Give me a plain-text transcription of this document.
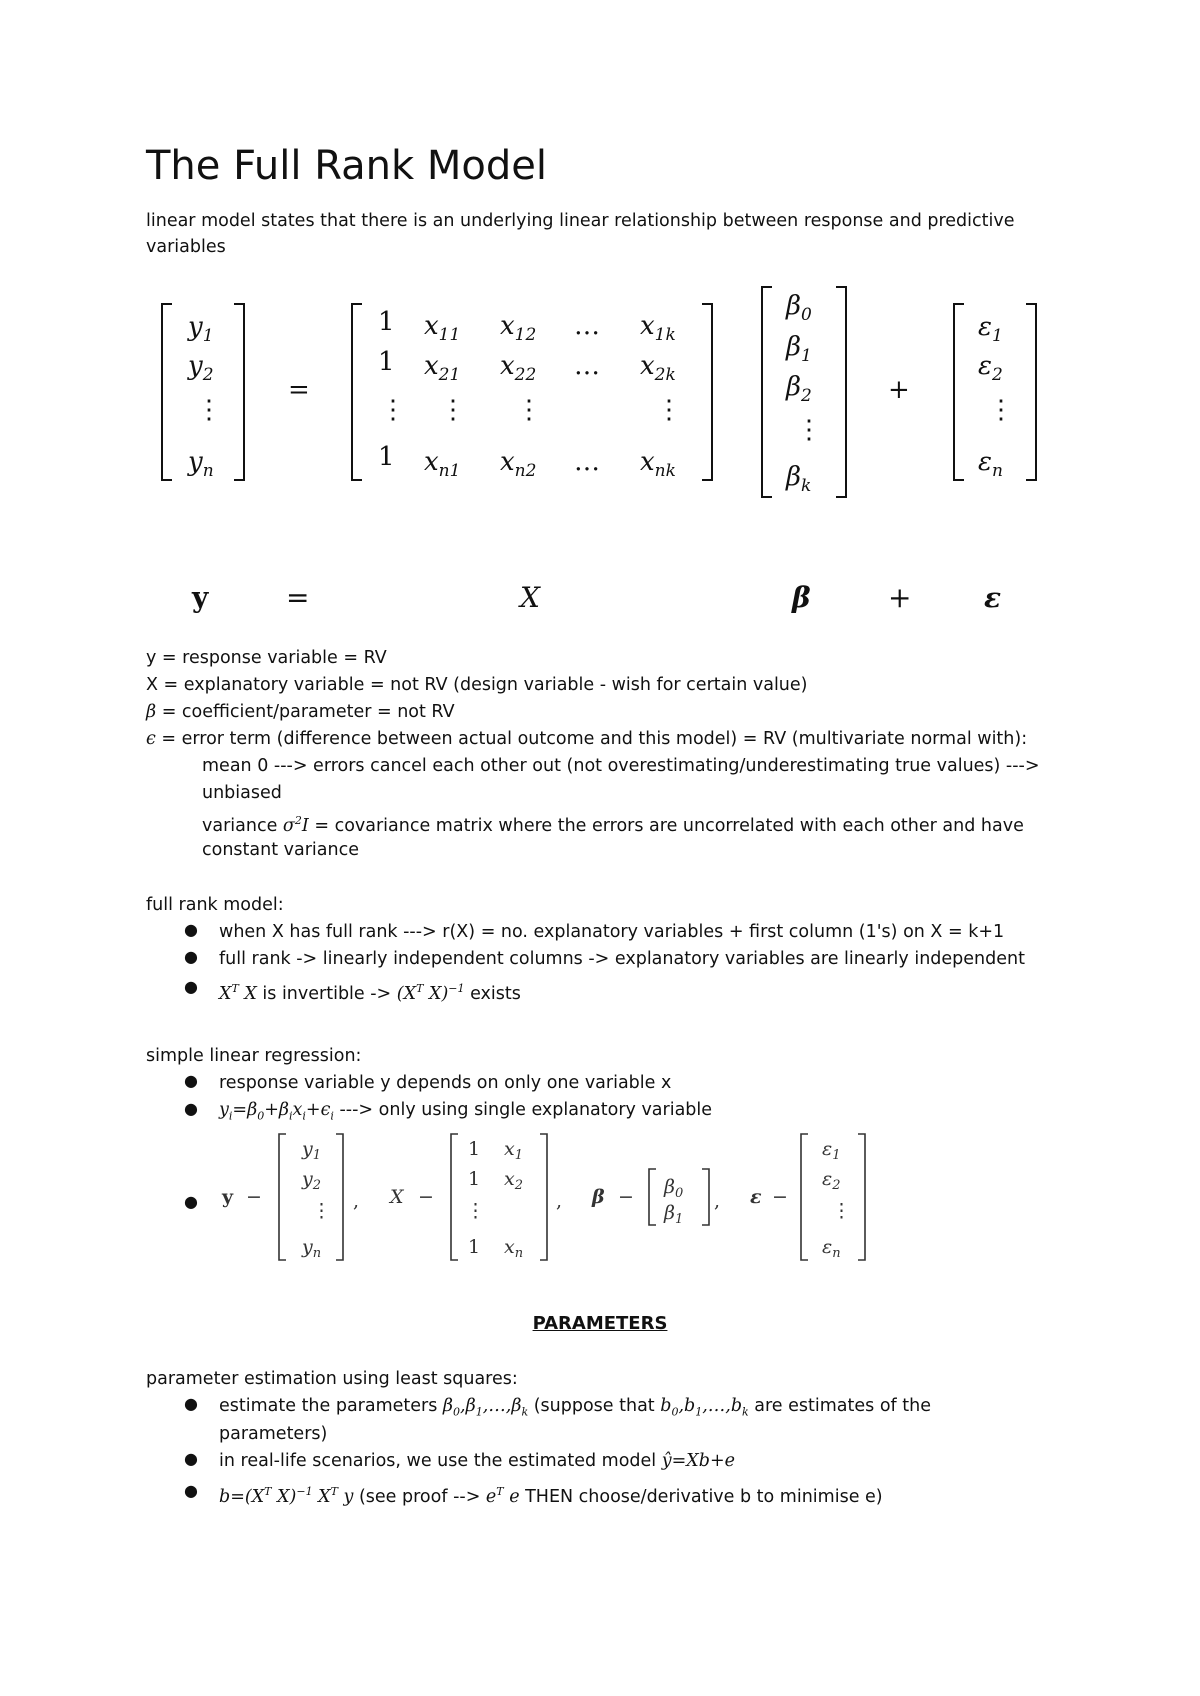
The Full Rank Model
linear model states that there is an underlying linear relationship between response and predictive
variables
$y_1$
$y_2$
⋮
$y_n$
=
1 $x_{11}$ $x_{12}$ … $x_{1k}$
1 $x_{21}$ $x_{22}$ … $x_{2k}$
⋮ ⋮ ⋮	⋮
1 $x_{n1}$ $x_{n2}$ … $x_{nk}$
$\beta_0$
$\beta_1$
$\beta_2$
⋮
$\beta_k$
+
$\varepsilon_1$
$\varepsilon_2$
⋮
$\varepsilon_n$
y	=	X	β	+	ε
y = response variable = RV
X = explanatory variable = not RV (design variable - wish for certain value)
β = coefficient/parameter = not RV
ϵ = error term (difference between actual outcome and this model) = RV (multivariate normal with):
mean 0 ---> errors cancel each other out (not overestimating/underestimating true values) --->
unbiased
variance $\sigma^2I$ = covariance matrix where the errors are uncorrelated with each other and have
constant variance
full rank model:
● when X has full rank ---> r(X) = no. explanatory variables + first column (1's) on X = k+1
● full rank -> linearly independent columns -> explanatory variables are linearly independent
● $X^T$ X is invertible -> ($X^T$ X)$^{-1}$ exists
simple linear regression:
● response variable y depends on only one variable x
● $y_i=\beta_0+\beta_ix_i+\epsilon_i$ ---> only using single explanatory variable
● y −
$y_1$
$y_2$
⋮
$y_n$
, X −
1 $x_1$
1 $x_2$
⋮
1 $x_n$
, $\beta - \beta_0$
$\beta_1$
, ε −
$\varepsilon_1$
$\varepsilon_2$
⋮
$\varepsilon_n$
PARAMETERS
parameter estimation using least squares:
● estimate the parameters $\beta_0,\beta_1,\dots,\beta_k$ (suppose that $b_0,b_1,\dots,b_k$ are estimates of the
parameters)
● in real-life scenarios, we use the estimated model ŷ=Xb+e
● $b=(X^T$ X)$^{-1}$ $X^T$ y (see proof --> $e^T$ e THEN choose/derivative b to minimise e)
